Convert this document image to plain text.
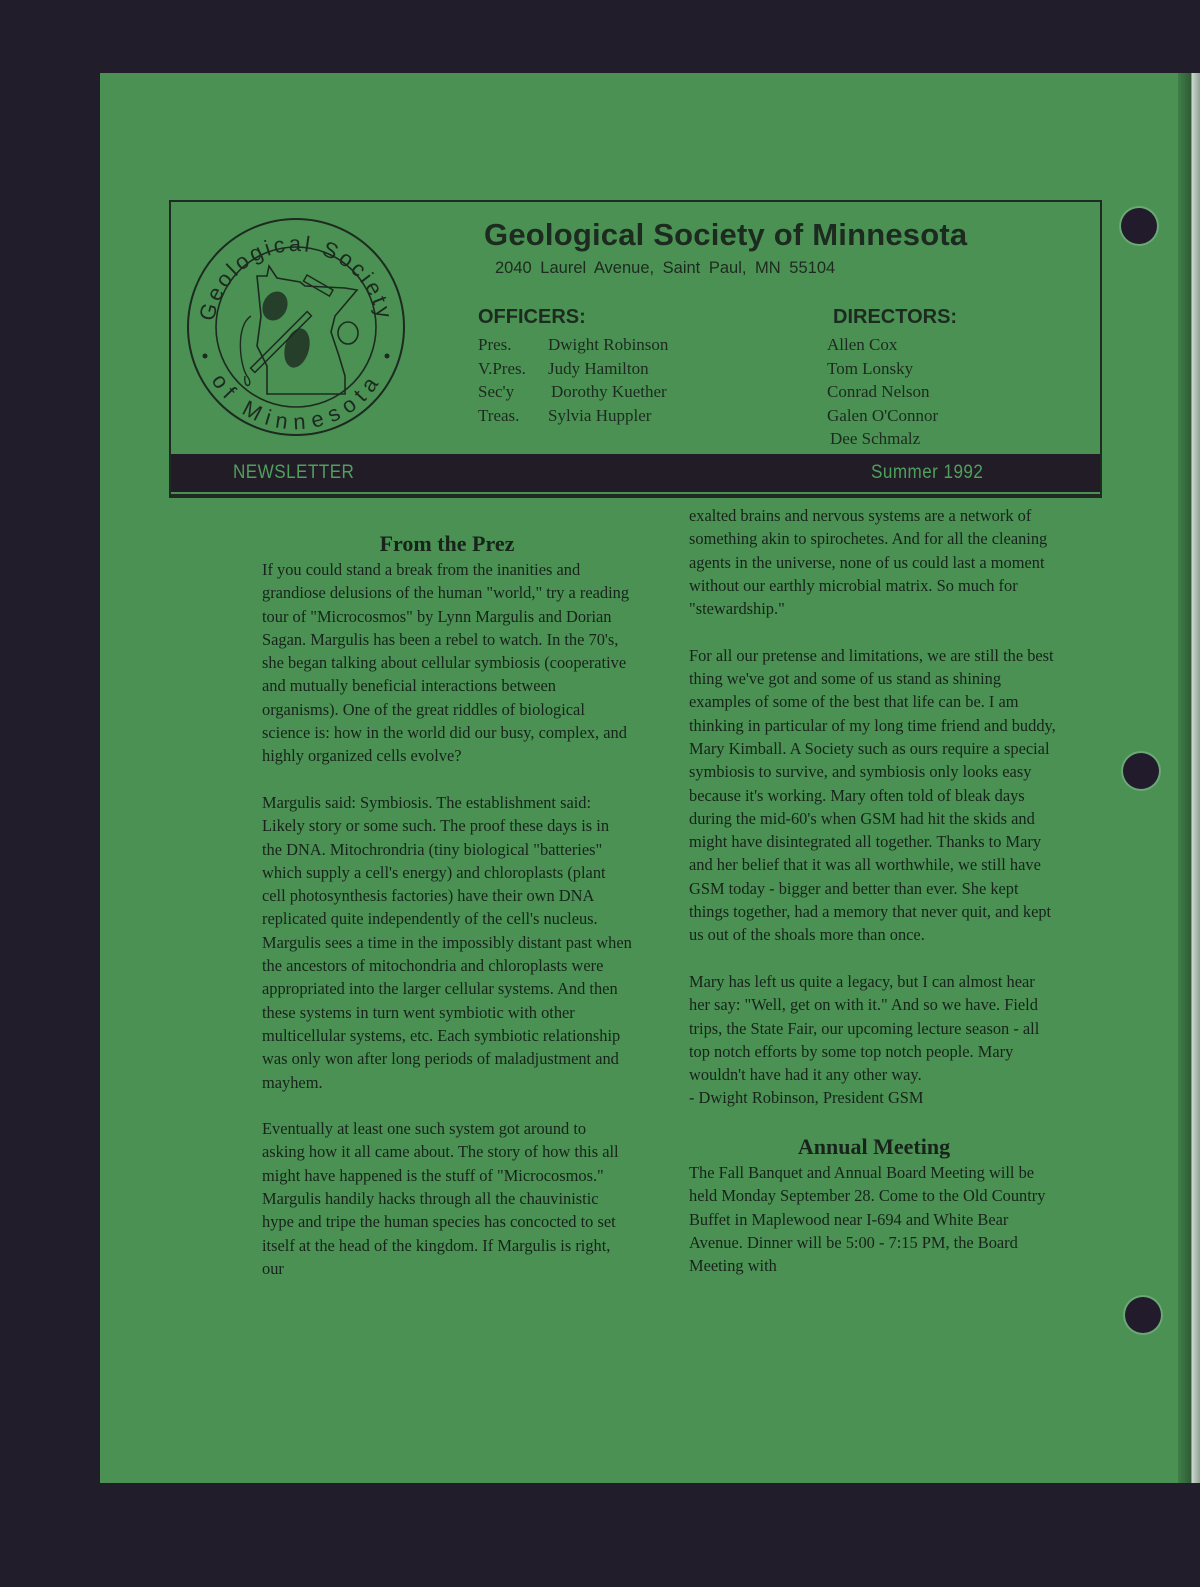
Geological Society
of Minnesota
Geological Society of Minnesota
2040 Laurel Avenue, Saint Paul, MN 55104
OFFICERS:
Pres.	Dwight Robinson
V.Pres.	Judy Hamilton
Sec'y	Dorothy Kuether
Treas.	Sylvia Huppler
DIRECTORS:
Allen Cox
Tom Lonsky
Conrad Nelson
Galen O'Connor
Dee Schmalz
NEWSLETTER	Summer 1992
From the Prez

If you could stand a break from the inanities and grandiose delusions of the human "world," try a reading tour of "Microcosmos" by Lynn Margulis and Dorian Sagan. Margulis has been a rebel to watch. In the 70's, she began talking about cellular symbiosis (cooperative and mutually beneficial interactions between organisms). One of the great riddles of biological science is: how in the world did our busy, complex, and highly organized cells evolve?

Margulis said: Symbiosis. The establishment said: Likely story or some such. The proof these days is in the DNA. Mitochrondria (tiny biological "batteries" which supply a cell's energy) and chloroplasts (plant cell photosynthesis factories) have their own DNA replicated quite independently of the cell's nucleus. Margulis sees a time in the impossibly distant past when the ancestors of mitochondria and chloroplasts were appropriated into the larger cellular systems. And then these systems in turn went symbiotic with other multicellular systems, etc. Each symbiotic relationship was only won after long periods of maladjustment and mayhem.

Eventually at least one such system got around to asking how it all came about. The story of how this all might have happened is the stuff of "Microcosmos." Margulis handily hacks through all the chauvinistic hype and tripe the human species has concocted to set itself at the head of the kingdom. If Margulis is right, our

exalted brains and nervous systems are a network of something akin to spirochetes. And for all the cleaning agents in the universe, none of us could last a moment without our earthly microbial matrix. So much for "stewardship."

For all our pretense and limitations, we are still the best thing we've got and some of us stand as shining examples of some of the best that life can be. I am thinking in particular of my long time friend and buddy, Mary Kimball. A Society such as ours require a special symbiosis to survive, and symbiosis only looks easy because it's working. Mary often told of bleak days during the mid-60's when GSM had hit the skids and might have disintegrated all together. Thanks to Mary and her belief that it was all worthwhile, we still have GSM today - bigger and better than ever. She kept things together, had a memory that never quit, and kept us out of the shoals more than once.

Mary has left us quite a legacy, but I can almost hear her say: "Well, get on with it." And so we have. Field trips, the State Fair, our upcoming lecture season - all top notch efforts by some top notch people. Mary wouldn't have had it any other way.

- Dwight Robinson, President GSM

Annual Meeting

The Fall Banquet and Annual Board Meeting will be held Monday September 28. Come to the Old Country Buffet in Maplewood near I-694 and White Bear Avenue. Dinner will be 5:00 - 7:15 PM, the Board Meeting with
